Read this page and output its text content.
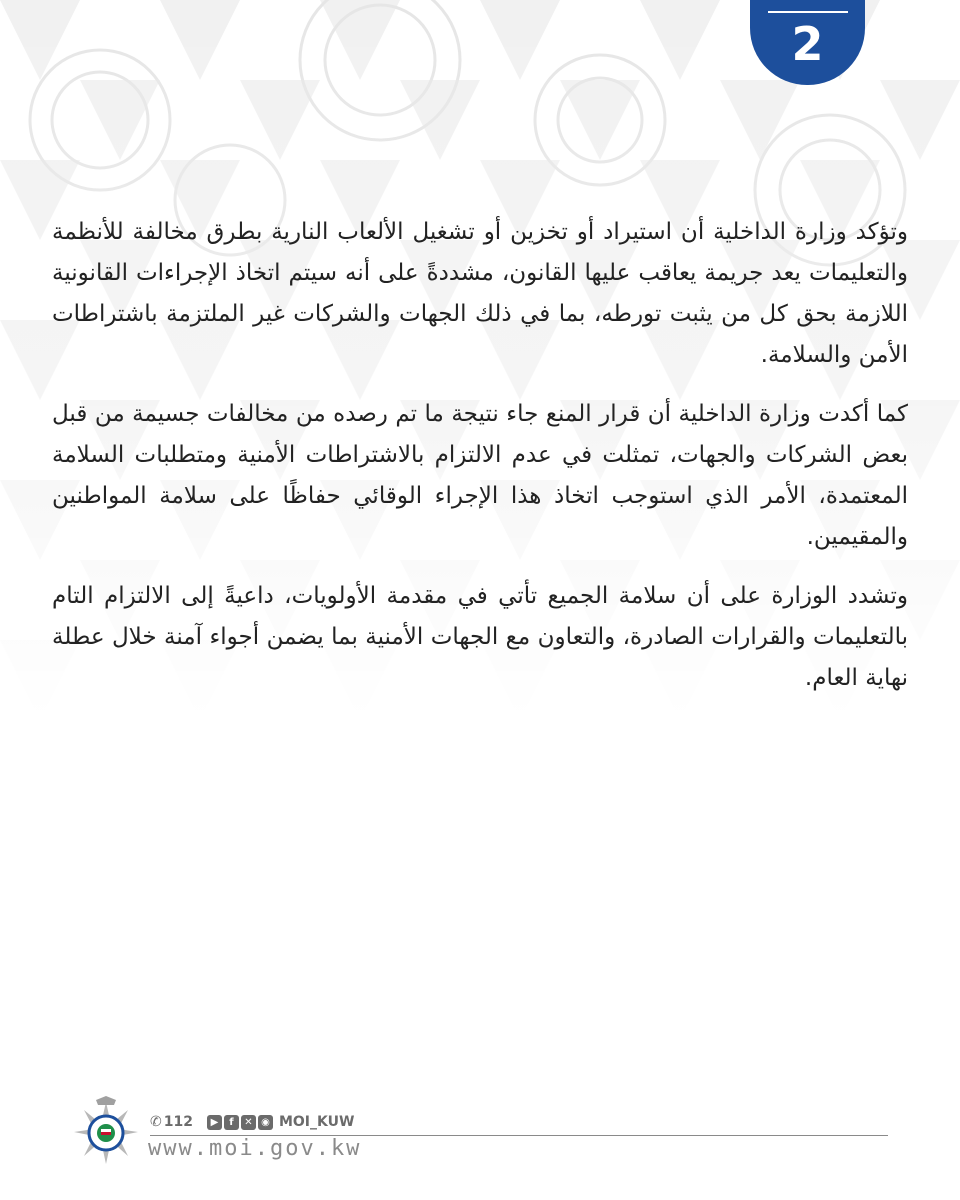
2

وتؤكد وزارة الداخلية أن استيراد أو تخزين أو تشغيل الألعاب النارية بطرق مخالفة للأنظمة والتعليمات يعد جريمة يعاقب عليها القانون، مشددةً على أنه سيتم اتخاذ الإجراءات القانونية اللازمة بحق كل من يثبت تورطه، بما في ذلك الجهات والشركات غير الملتزمة باشتراطات الأمن والسلامة.

كما أكدت وزارة الداخلية أن قرار المنع جاء نتيجة ما تم رصده من مخالفات جسيمة من قبل بعض الشركات والجهات، تمثلت في عدم الالتزام بالاشتراطات الأمنية ومتطلبات السلامة المعتمدة، الأمر الذي استوجب اتخاذ هذا الإجراء الوقائي حفاظًا على سلامة المواطنين والمقيمين.

وتشدد الوزارة على أن سلامة الجميع تأتي في مقدمة الأولويات، داعيةً إلى الالتزام التام بالتعليمات والقرارات الصادرة، والتعاون مع الجهات الأمنية بما يضمن أجواء آمنة خلال عطلة نهاية العام.

✆ 112	▶	f	✕ ◉ MOI_KUW
www.moi.gov.kw
